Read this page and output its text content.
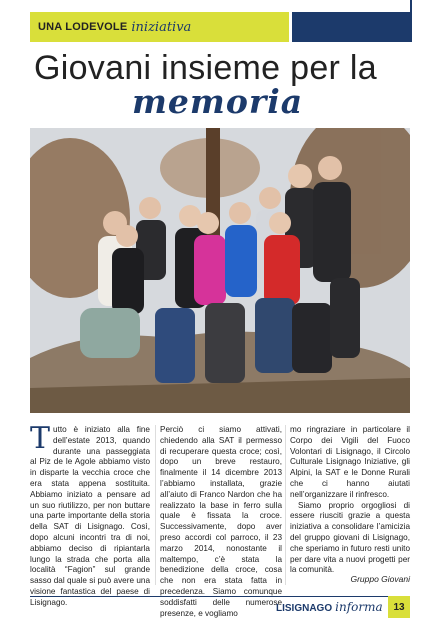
UNA LODEVOLE iniziativa
Giovani insieme per la
memoria
T utto è iniziato alla fine dell’estate 2013, quando durante una passeggiata al Piz de le Agole abbiamo visto in disparte la vecchia croce che era stata appena sostituita. Abbiamo iniziato a pensare ad un suo riutilizzo, per non buttare una parte importante della storia della SAT di Lisignago. Così, dopo alcuni incontri tra di noi, abbiamo deciso di ripiantarla lungo la strada che porta alla località “Fagion” sul grande sasso dal quale si può avere una visione fantastica del paese di Lisignago.
Perciò ci siamo attivati, chiedendo alla SAT il permesso di recuperare questa croce; così, dopo un breve restauro, finalmente il 14 dicembre 2013 l’abbiamo installata, grazie all’aiuto di Franco Nardon che ha realizzato la base in ferro sulla quale è fissata la croce. Successivamente, dopo aver preso accordi col parroco, il 23 marzo 2014, nonostante il maltempo, c’è stata la benedizione della croce, cosa che non era stata fatta in precedenza. Siamo comunque soddisfatti delle numerose presenze, e vogliamo
mo ringraziare in particolare il Corpo dei Vigili del Fuoco Volontari di Lisignago, il Circolo Culturale Lisignago Iniziative, gli Alpini, la SAT e le Donne Rurali che ci hanno aiutati nell’organizzare il rinfresco.
Siamo proprio orgogliosi di essere riusciti grazie a questa iniziativa a consolidare l’amicizia del gruppo giovani di Lisignago, che speriamo in futuro resti unito per dare vita a nuovi progetti per la comunità.
Gruppo Giovani
LISIGNAGO informa	13
